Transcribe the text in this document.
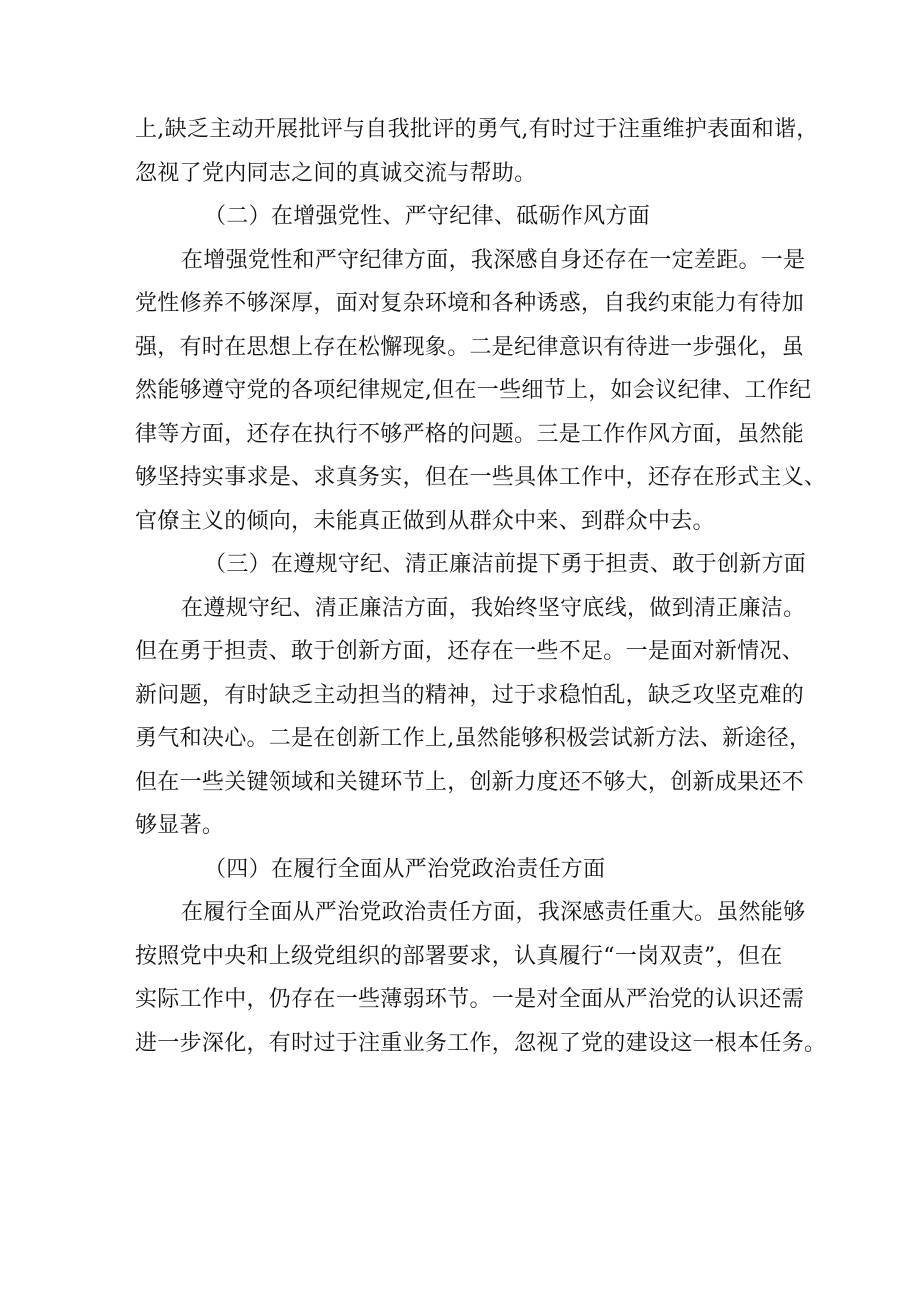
上,缺乏主动开展批评与自我批评的勇气,有时过于注重维护表面和谐，
忽视了党内同志之间的真诚交流与帮助。
（二）在增强党性、严守纪律、砥砺作风方面
在增强党性和严守纪律方面，我深感自身还存在一定差距。一是
党性修养不够深厚，面对复杂环境和各种诱惑，自我约束能力有待加
强，有时在思想上存在松懈现象。二是纪律意识有待进一步强化，虽
然能够遵守党的各项纪律规定,但在一些细节上，如会议纪律、工作纪
律等方面，还存在执行不够严格的问题。三是工作作风方面，虽然能
够坚持实事求是、求真务实，但在一些具体工作中，还存在形式主义、
官僚主义的倾向，未能真正做到从群众中来、到群众中去。
（三）在遵规守纪、清正廉洁前提下勇于担责、敢于创新方面
在遵规守纪、清正廉洁方面，我始终坚守底线，做到清正廉洁。
但在勇于担责、敢于创新方面，还存在一些不足。一是面对新情况、
新问题，有时缺乏主动担当的精神，过于求稳怕乱，缺乏攻坚克难的
勇气和决心。二是在创新工作上,虽然能够积极尝试新方法、新途径，
但在一些关键领域和关键环节上，创新力度还不够大，创新成果还不
够显著。
（四）在履行全面从严治党政治责任方面
在履行全面从严治党政治责任方面，我深感责任重大。虽然能够
按照党中央和上级党组织的部署要求，认真履行“一岗双责”，但在
实际工作中，仍存在一些薄弱环节。一是对全面从严治党的认识还需
进一步深化，有时过于注重业务工作，忽视了党的建设这一根本任务。
